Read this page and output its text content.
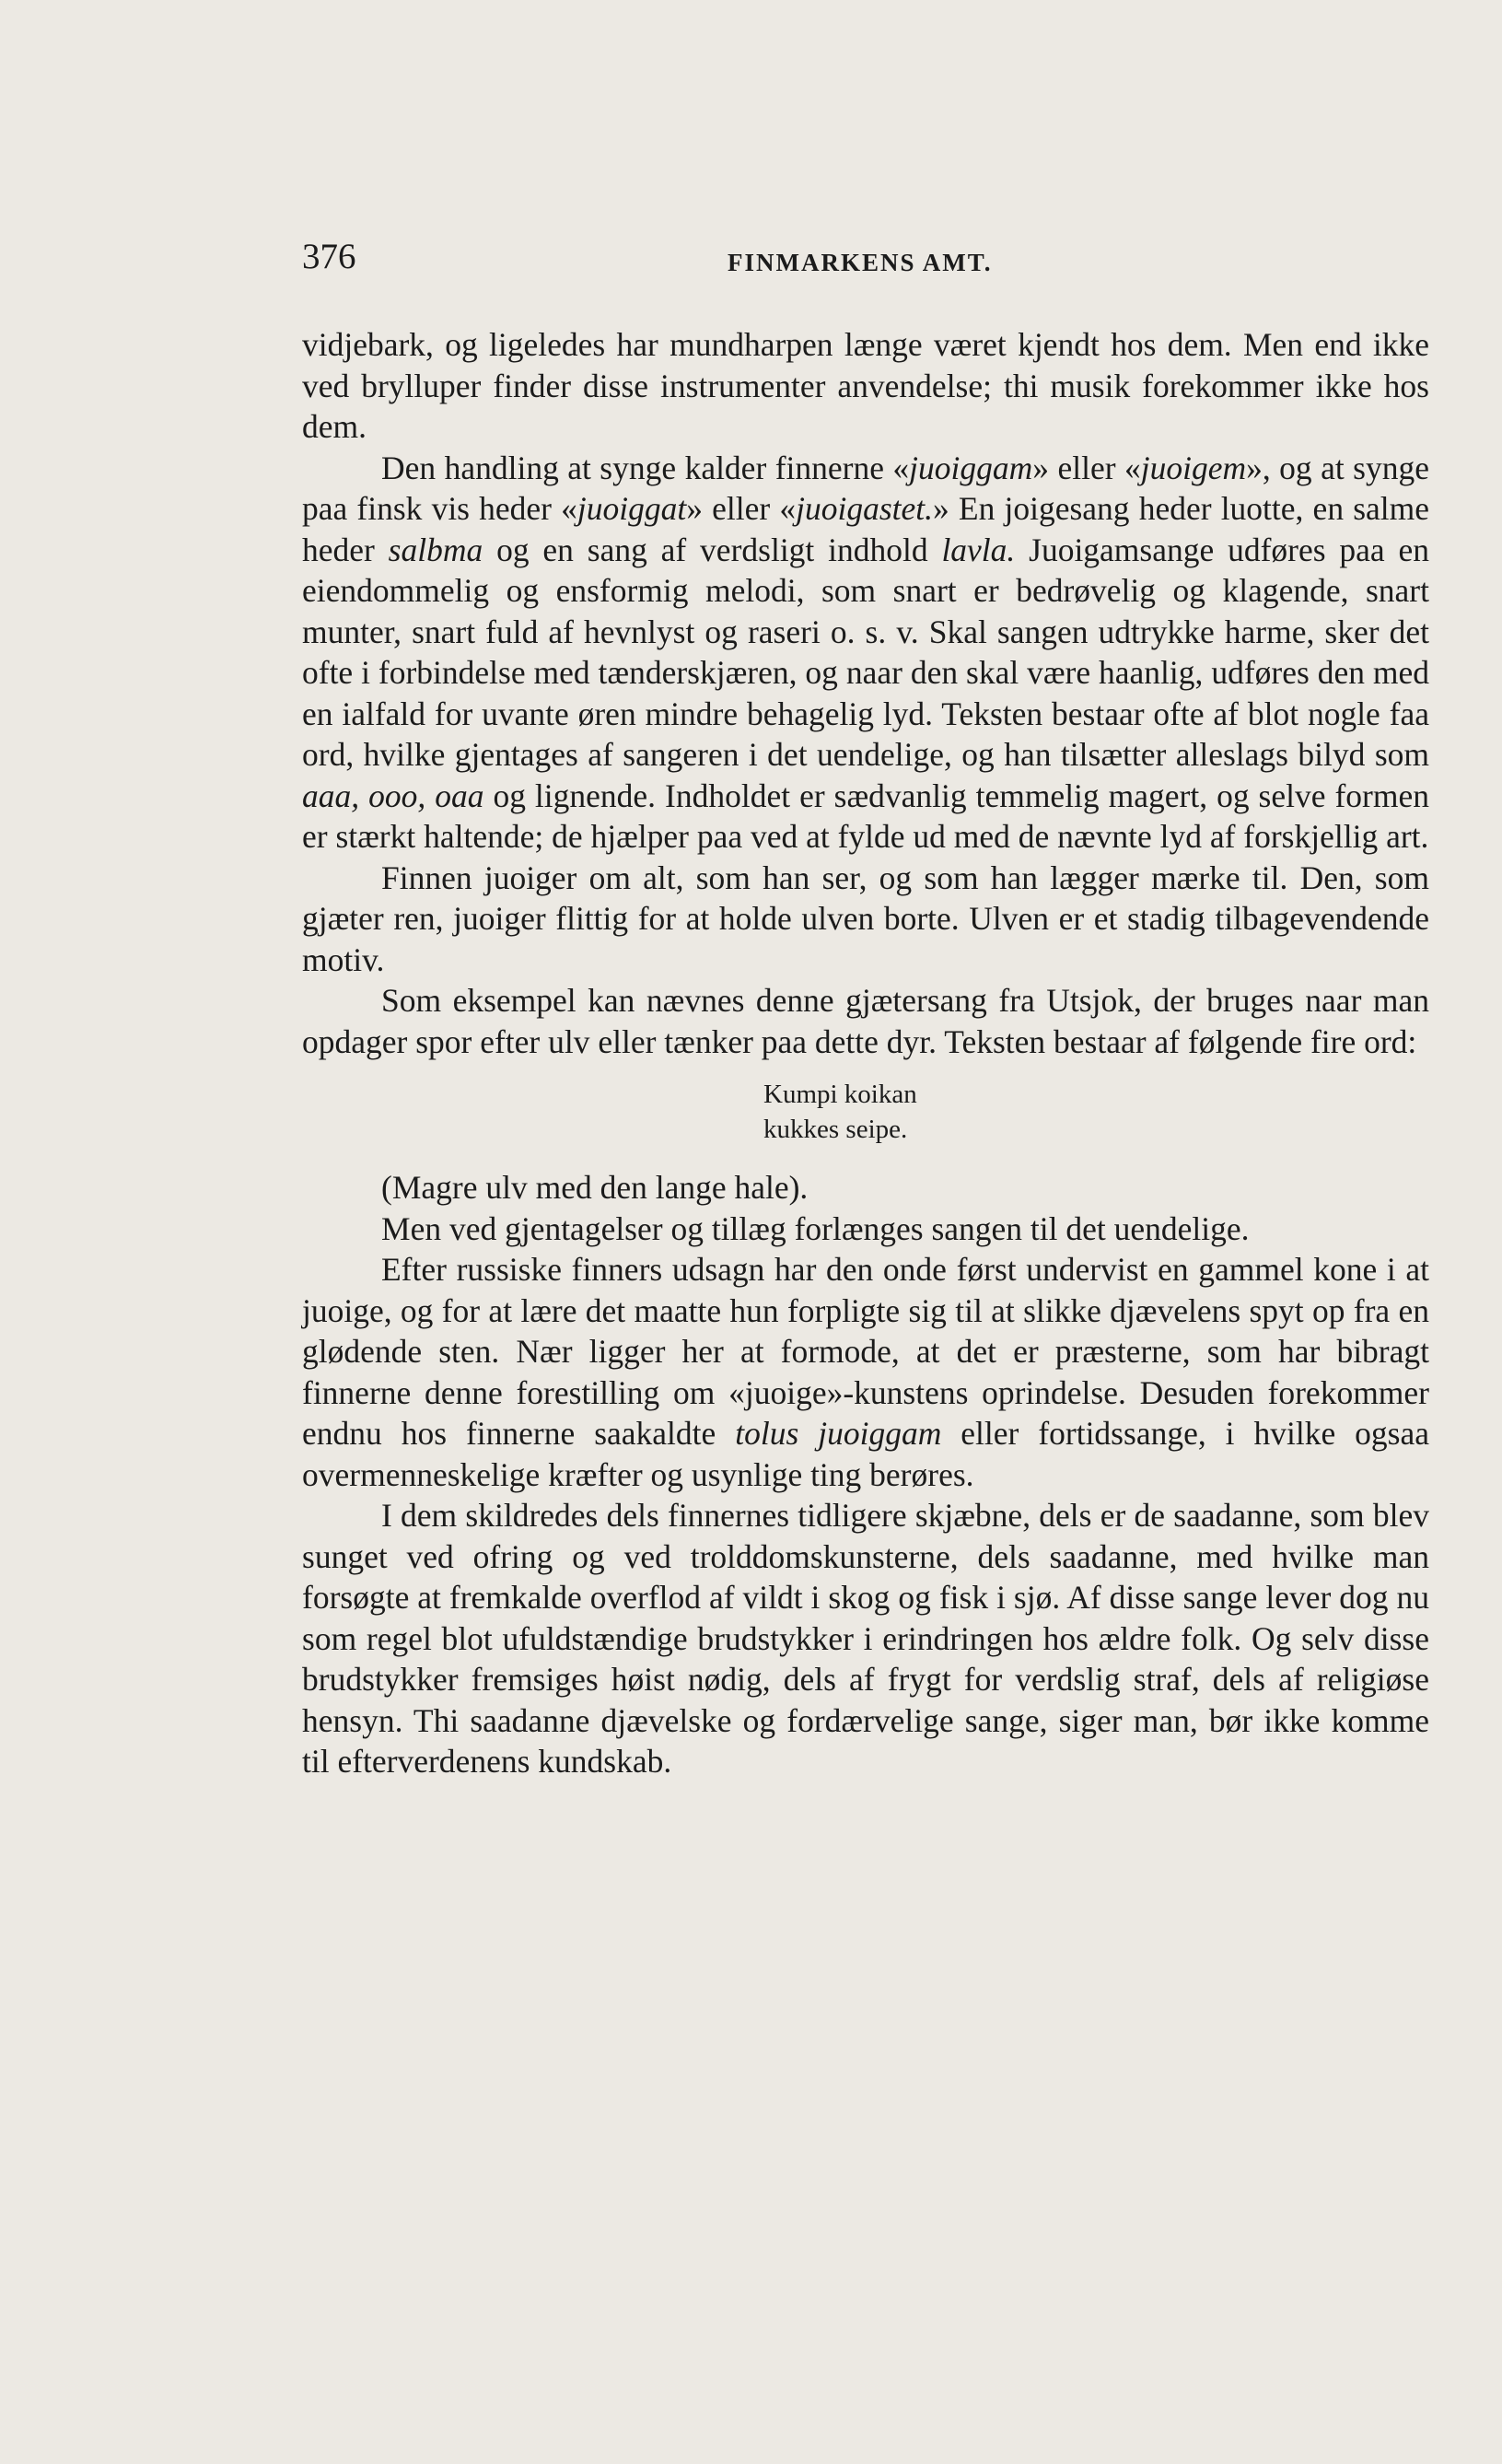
376	FINMARKENS AMT.

vidjebark, og ligeledes har mundharpen længe været kjendt hos dem. Men end ikke ved brylluper finder disse instrumenter anvendelse; thi musik forekommer ikke hos dem.

Den handling at synge kalder finnerne «juoiggam» eller «juoigem», og at synge paa finsk vis heder «juoiggat» eller «juoigastet.» En joigesang heder luotte, en salme heder salbma og en sang af verdsligt indhold lavla. Juoigamsange udføres paa en eiendommelig og ensformig melodi, som snart er bedrøvelig og klagende, snart munter, snart fuld af hevnlyst og raseri o. s. v. Skal sangen udtrykke harme, sker det ofte i forbindelse med tænderskjæren, og naar den skal være haanlig, udføres den med en ialfald for uvante øren mindre behagelig lyd. Teksten bestaar ofte af blot nogle faa ord, hvilke gjentages af sangeren i det uendelige, og han tilsætter alleslags bilyd som aaa, ooo, oaa og lignende. Indholdet er sædvanlig temmelig magert, og selve formen er stærkt haltende; de hjælper paa ved at fylde ud med de nævnte lyd af forskjellig art.

Finnen juoiger om alt, som han ser, og som han lægger mærke til. Den, som gjæter ren, juoiger flittig for at holde ulven borte. Ulven er et stadig tilbagevendende motiv.

Som eksempel kan nævnes denne gjætersang fra Utsjok, der bruges naar man opdager spor efter ulv eller tænker paa dette dyr. Teksten bestaar af følgende fire ord:

Kumpi koikan
kukkes seipe.

(Magre ulv med den lange hale).

Men ved gjentagelser og tillæg forlænges sangen til det uendelige.

Efter russiske finners udsagn har den onde først undervist en gammel kone i at juoige, og for at lære det maatte hun forpligte sig til at slikke djævelens spyt op fra en glødende sten. Nær ligger her at formode, at det er præsterne, som har bibragt finnerne denne forestilling om «juoige»-kunstens oprindelse. Desuden forekommer endnu hos finnerne saakaldte tolus juoiggam eller fortidssange, i hvilke ogsaa overmenneskelige kræfter og usynlige ting berøres.

I dem skildredes dels finnernes tidligere skjæbne, dels er de saadanne, som blev sunget ved ofring og ved trolddomskunsterne, dels saadanne, med hvilke man forsøgte at fremkalde overflod af vildt i skog og fisk i sjø. Af disse sange lever dog nu som regel blot ufuldstændige brudstykker i erindringen hos ældre folk. Og selv disse brudstykker fremsiges høist nødig, dels af frygt for verdslig straf, dels af religiøse hensyn. Thi saadanne djævelske og fordærvelige sange, siger man, bør ikke komme til efterverdenens kundskab.
